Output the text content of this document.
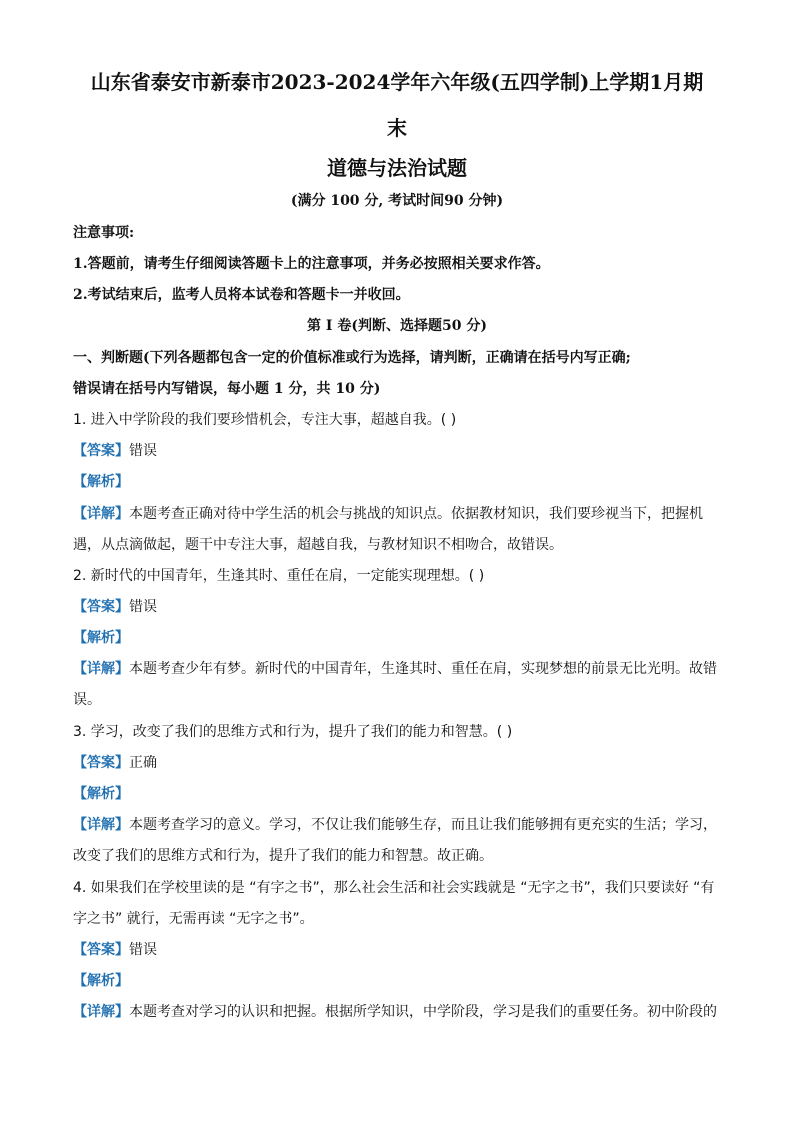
山东省泰安市新泰市2023-2024学年六年级(五四学制)上学期1月期
末
道德与法治试题
(满分 100 分, 考试时间90 分钟)
注意事项:
1.答题前，请考生仔细阅读答题卡上的注意事项，并务必按照相关要求作答。
2.考试结束后，监考人员将本试卷和答题卡一并收回。
第 I 卷(判断、选择题50 分)
一、判断题(下列各题都包含一定的价值标准或行为选择，请判断，正确请在括号内写正确;
错误请在括号内写错误，每小题 1 分，共 10 分)
1. 进入中学阶段的我们要珍惜机会，专注大事，超越自我。( )
【答案】错误
【解析】
【详解】本题考查正确对待中学生活的机会与挑战的知识点。依据教材知识，我们要珍视当下，把握机
遇，从点滴做起，题干中专注大事，超越自我，与教材知识不相吻合，故错误。
2. 新时代的中国青年，生逢其时、重任在肩，一定能实现理想。( )
【答案】错误
【解析】
【详解】本题考查少年有梦。新时代的中国青年，生逢其时、重任在肩，实现梦想的前景无比光明。故错
误。
3. 学习，改变了我们的思维方式和行为，提升了我们的能力和智慧。( )
【答案】正确
【解析】
【详解】本题考查学习的意义。学习，不仅让我们能够生存，而且让我们能够拥有更充实的生活；学习，
改变了我们的思维方式和行为，提升了我们的能力和智慧。故正确。
4. 如果我们在学校里读的是 “有字之书”，那么社会生活和社会实践就是 “无字之书”，我们只要读好 “有
字之书” 就行，无需再读 “无字之书”。
【答案】错误
【解析】
【详解】本题考查对学习的认识和把握。根据所学知识，中学阶段，学习是我们的重要任务。初中阶段的
